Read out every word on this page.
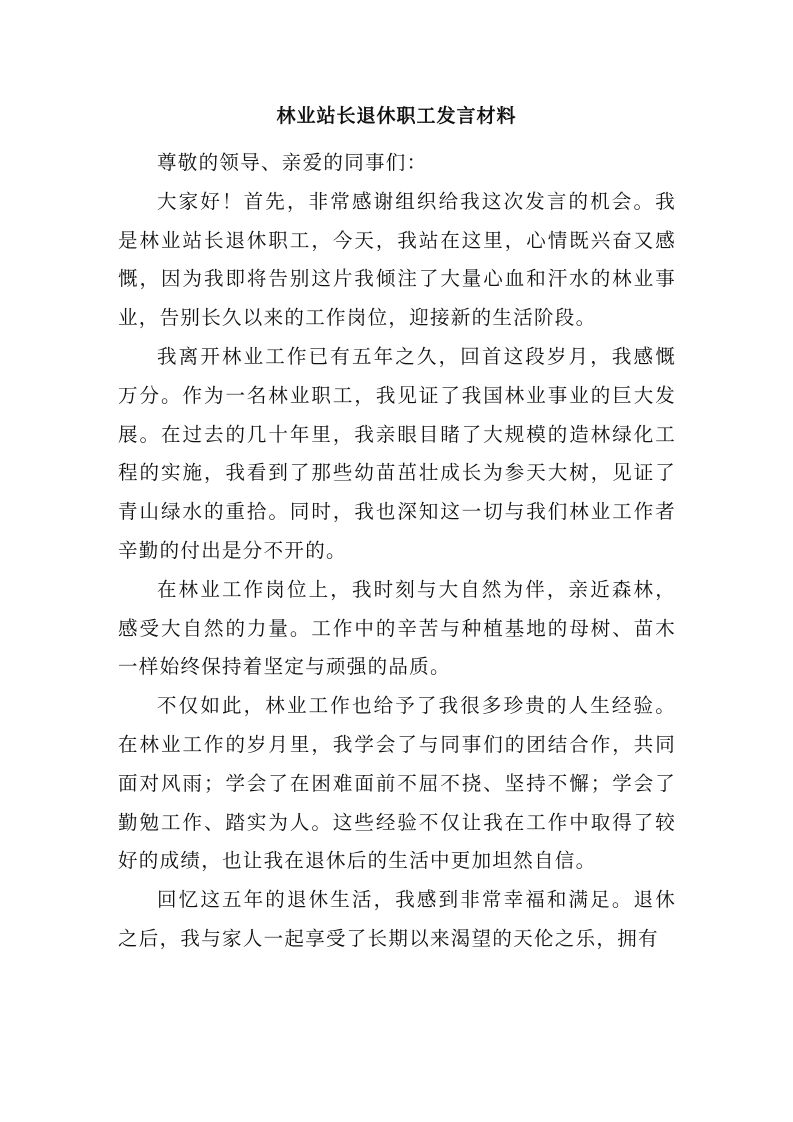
林业站长退休职工发言材料

尊敬的领导、亲爱的同事们：

大家好！首先，非常感谢组织给我这次发言的机会。我是林业站长退休职工，今天，我站在这里，心情既兴奋又感慨，因为我即将告别这片我倾注了大量心血和汗水的林业事业，告别长久以来的工作岗位，迎接新的生活阶段。

我离开林业工作已有五年之久，回首这段岁月，我感慨万分。作为一名林业职工，我见证了我国林业事业的巨大发展。在过去的几十年里，我亲眼目睹了大规模的造林绿化工程的实施，我看到了那些幼苗茁壮成长为参天大树，见证了青山绿水的重拾。同时，我也深知这一切与我们林业工作者辛勤的付出是分不开的。

在林业工作岗位上，我时刻与大自然为伴，亲近森林，感受大自然的力量。工作中的辛苦与种植基地的母树、苗木一样始终保持着坚定与顽强的品质。

不仅如此，林业工作也给予了我很多珍贵的人生经验。在林业工作的岁月里，我学会了与同事们的团结合作，共同面对风雨；学会了在困难面前不屈不挠、坚持不懈；学会了勤勉工作、踏实为人。这些经验不仅让我在工作中取得了较好的成绩，也让我在退休后的生活中更加坦然自信。

回忆这五年的退休生活，我感到非常幸福和满足。退休之后，我与家人一起享受了长期以来渴望的天伦之乐，拥有
